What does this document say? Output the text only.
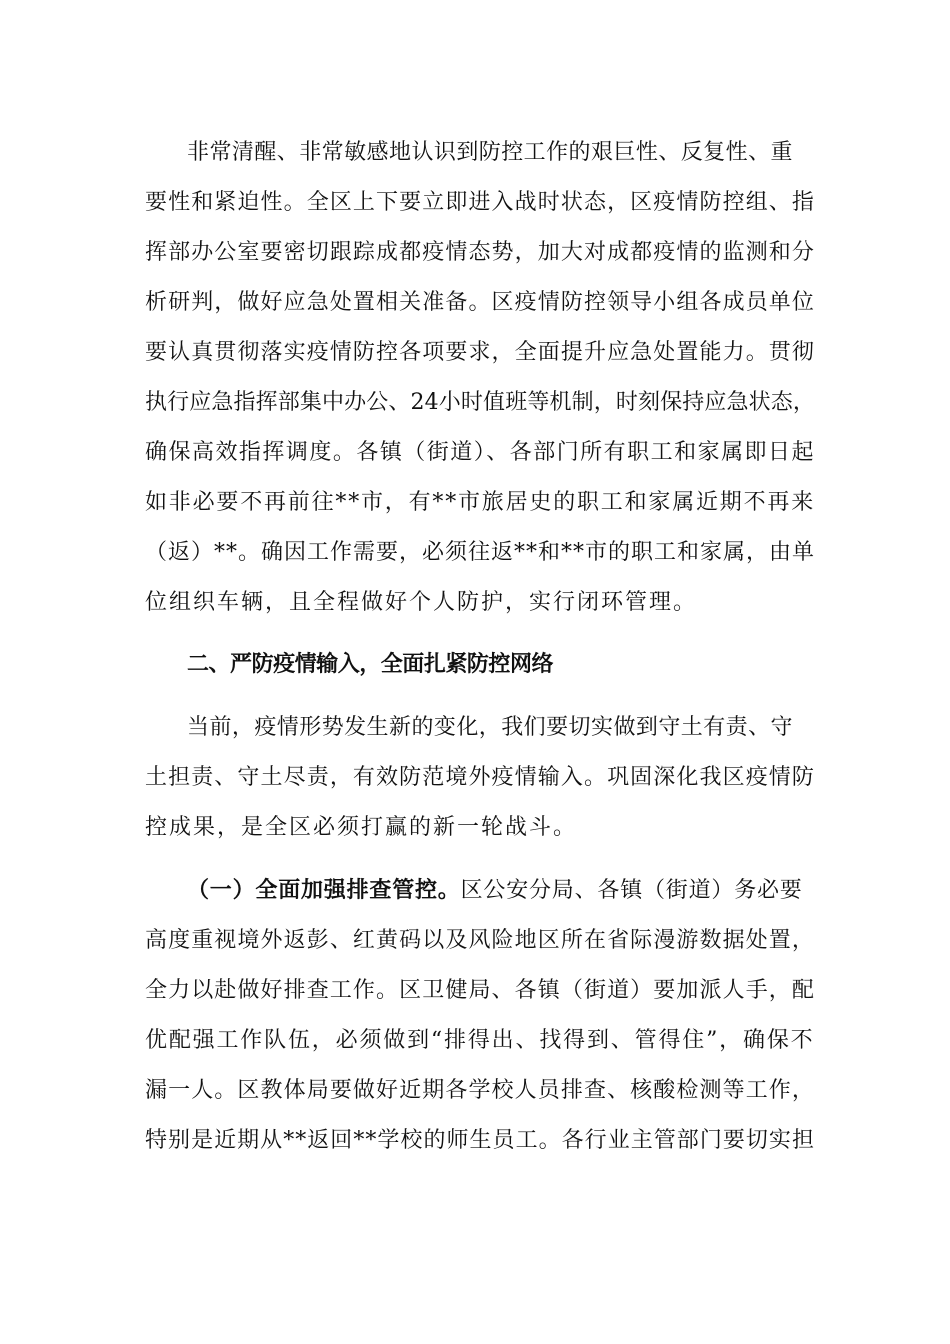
非常清醒、非常敏感地认识到防控工作的艰巨性、反复性、重
要性和紧迫性。全区上下要立即进入战时状态，区疫情防控组、指
挥部办公室要密切跟踪成都疫情态势，加大对成都疫情的监测和分
析研判，做好应急处置相关准备。区疫情防控领导小组各成员单位
要认真贯彻落实疫情防控各项要求，全面提升应急处置能力。贯彻
执行应急指挥部集中办公、24小时值班等机制，时刻保持应急状态，
确保高效指挥调度。各镇（街道）、各部门所有职工和家属即日起
如非必要不再前往**市，有**市旅居史的职工和家属近期不再来
（返）**。确因工作需要，必须往返**和**市的职工和家属，由单
位组织车辆，且全程做好个人防护，实行闭环管理。
二、严防疫情输入，全面扎紧防控网络
当前，疫情形势发生新的变化，我们要切实做到守土有责、守
土担责、守土尽责，有效防范境外疫情输入。巩固深化我区疫情防
控成果，是全区必须打赢的新一轮战斗。
（一）全面加强排查管控。区公安分局、各镇（街道）务必要
高度重视境外返彭、红黄码以及风险地区所在省际漫游数据处置，
全力以赴做好排查工作。区卫健局、各镇（街道）要加派人手，配
优配强工作队伍，必须做到“排得出、找得到、管得住”，确保不
漏一人。区教体局要做好近期各学校人员排查、核酸检测等工作，
特别是近期从**返回**学校的师生员工。各行业主管部门要切实担
